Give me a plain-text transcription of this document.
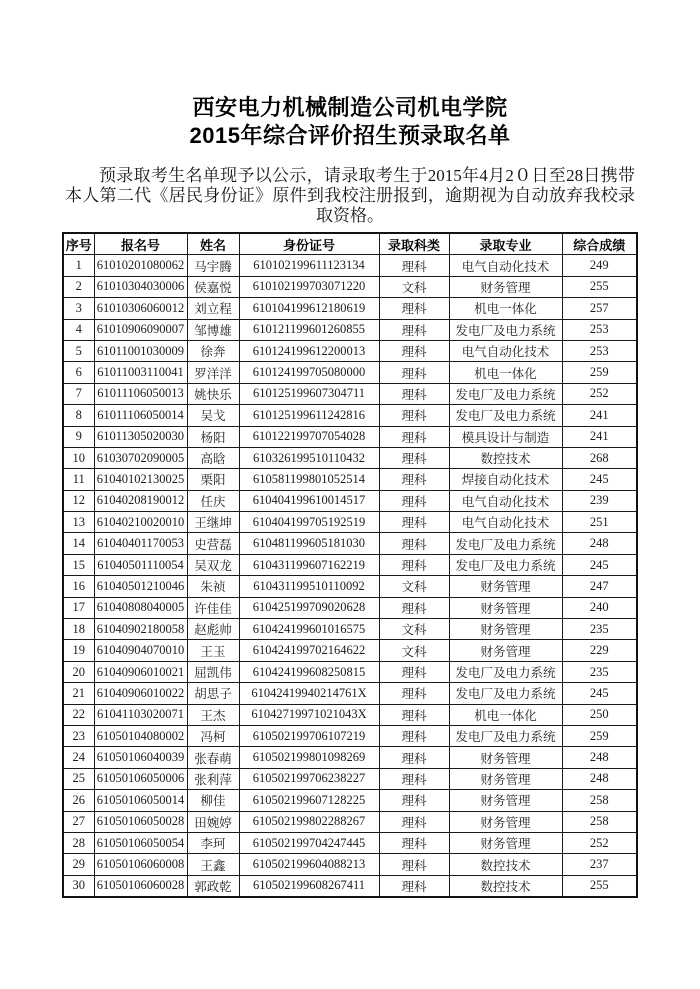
西安电力机械制造公司机电学院
2015年综合评价招生预录取名单

预录取考生名单现予以公示，请录取考生于2015年4月2０日至28日携带本人第二代《居民身份证》原件到我校注册报到，逾期视为自动放弃我校录取资格。

序号	报名号	姓名	身份证号	录取科类	录取专业	综合成绩
1	61010201080062	马宇腾	610102199611123134	理科	电气自动化技术	249
2	61010304030006	侯嘉悦	610102199703071220	文科	财务管理	255
3	61010306060012	刘立程	610104199612180619	理科	机电一体化	257
4	61010906090007	邹博雄	610121199601260855	理科	发电厂及电力系统	253
5	61011001030009	徐奔	610124199612200013	理科	电气自动化技术	253
6	61011003110041	罗洋洋	610124199705080000	理科	机电一体化	259
7	61011106050013	姚快乐	610125199607304711	理科	发电厂及电力系统	252
8	61011106050014	吴戈	610125199611242816	理科	发电厂及电力系统	241
9	61011305020030	杨阳	610122199707054028	理科	模具设计与制造	241
10	61030702090005	高晗	610326199510110432	理科	数控技术	268
11	61040102130025	栗阳	610581199801052514	理科	焊接自动化技术	245
12	61040208190012	任庆	610404199610014517	理科	电气自动化技术	239
13	61040210020010	王继坤	610404199705192519	理科	电气自动化技术	251
14	61040401170053	史营磊	610481199605181030	理科	发电厂及电力系统	248
15	61040501110054	吴双龙	610431199607162219	理科	发电厂及电力系统	245
16	61040501210046	朱祯	610431199510110092	文科	财务管理	247
17	61040808040005	许佳佳	610425199709020628	理科	财务管理	240
18	61040902180058	赵彪帅	610424199601016575	文科	财务管理	235
19	61040904070010	王玉	610424199702164622	文科	财务管理	229
20	61040906010021	屈凯伟	610424199608250815	理科	发电厂及电力系统	235
21	61040906010022	胡思子	61042419940214761X	理科	发电厂及电力系统	245
22	61041103020071	王杰	61042719971021043X	理科	机电一体化	250
23	61050104080002	冯柯	610502199706107219	理科	发电厂及电力系统	259
24	61050106040039	张春萌	610502199801098269	理科	财务管理	248
25	61050106050006	张利萍	610502199706238227	理科	财务管理	248
26	61050106050014	柳佳	610502199607128225	理科	财务管理	258
27	61050106050028	田婉婷	610502199802288267	理科	财务管理	258
28	61050106050054	李珂	610502199704247445	理科	财务管理	252
29	61050106060008	王鑫	610502199604088213	理科	数控技术	237
30	61050106060028	郭政乾	610502199608267411	理科	数控技术	255
